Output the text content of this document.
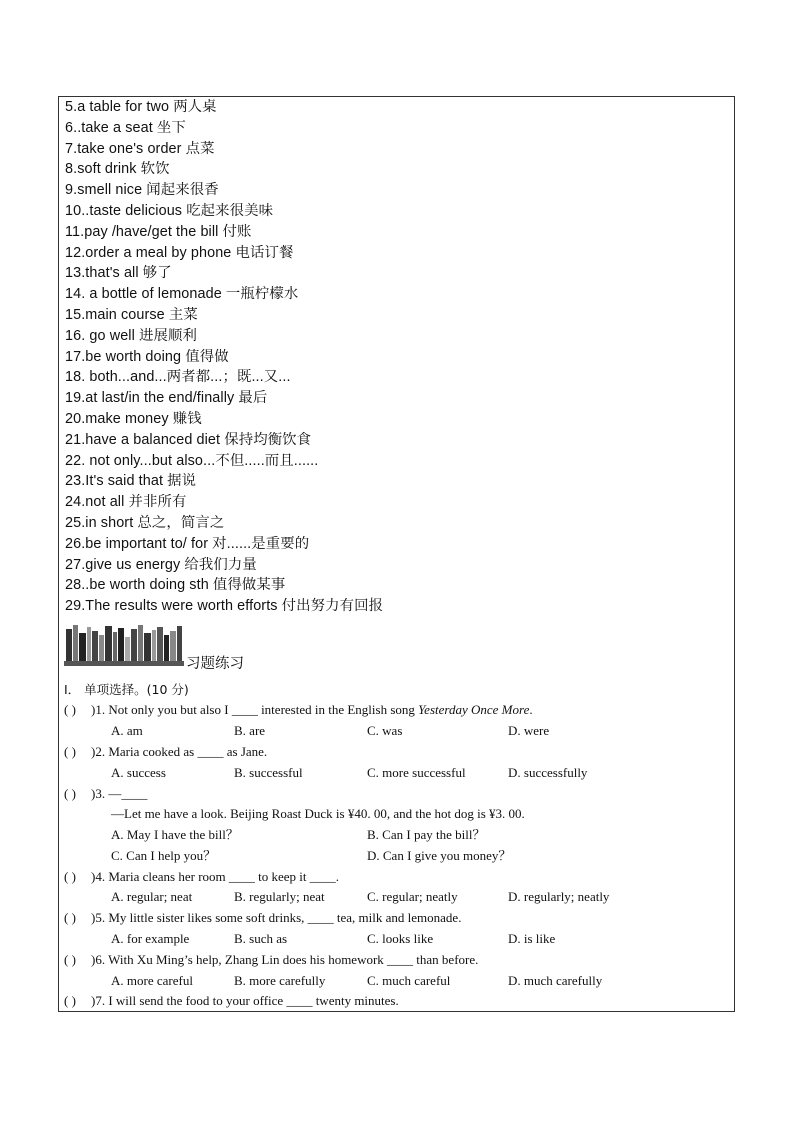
5.a table for two 两人桌
6..take a seat 坐下
7.take one's order 点菜
8.soft drink 软饮
9.smell nice 闻起来很香
10..taste delicious 吃起来很美味
11.pay /have/get the bill 付账
12.order a meal by phone 电话订餐
13.that's all 够了
14. a bottle of lemonade 一瓶柠檬水
15.main course 主菜
16. go well 进展顺利
17.be worth doing 值得做
18. both...and...两者都...；既...又...
19.at last/in the end/finally 最后
20.make money 赚钱
21.have a balanced diet 保持均衡饮食
22. not only...but also...不但.....而且......
23.It's said that 据说
24.not all 并非所有
25.in short 总之，简言之
26.be important to/ for 对......是重要的
27.give us energy 给我们力量
28..be worth doing sth 值得做某事
29.The results were worth efforts 付出努力有回报
习题练习
Ⅰ． 单项选择。(10 分)
( ) )1. Not only you but also I ____ interested in the English song Yesterday Once More.
A. am	B. are	C. was	D. were
( ) )2. Maria cooked as ____ as Jane.
A. success	B. successful	C. more successful	D. successfully
( ) )3. —____
—Let me have a look. Beijing Roast Duck is ¥40. 00, and the hot dog is ¥3. 00.
A. May I have the bill？	B. Can I pay the bill？
C. Can I help you？	D. Can I give you money？
( ) )4. Maria cleans her room ____ to keep it ____.
A. regular; neat	B. regularly; neat	C. regular; neatly	D. regularly; neatly
( ) )5. My little sister likes some soft drinks, ____ tea, milk and lemonade.
A. for example	B. such as	C. looks like	D. is like
( ) )6. With Xu Ming’s help, Zhang Lin does his homework ____ than before.
A. more careful	B. more carefully	C. much careful	D. much carefully
( ) )7. I will send the food to your office ____ twenty minutes.
